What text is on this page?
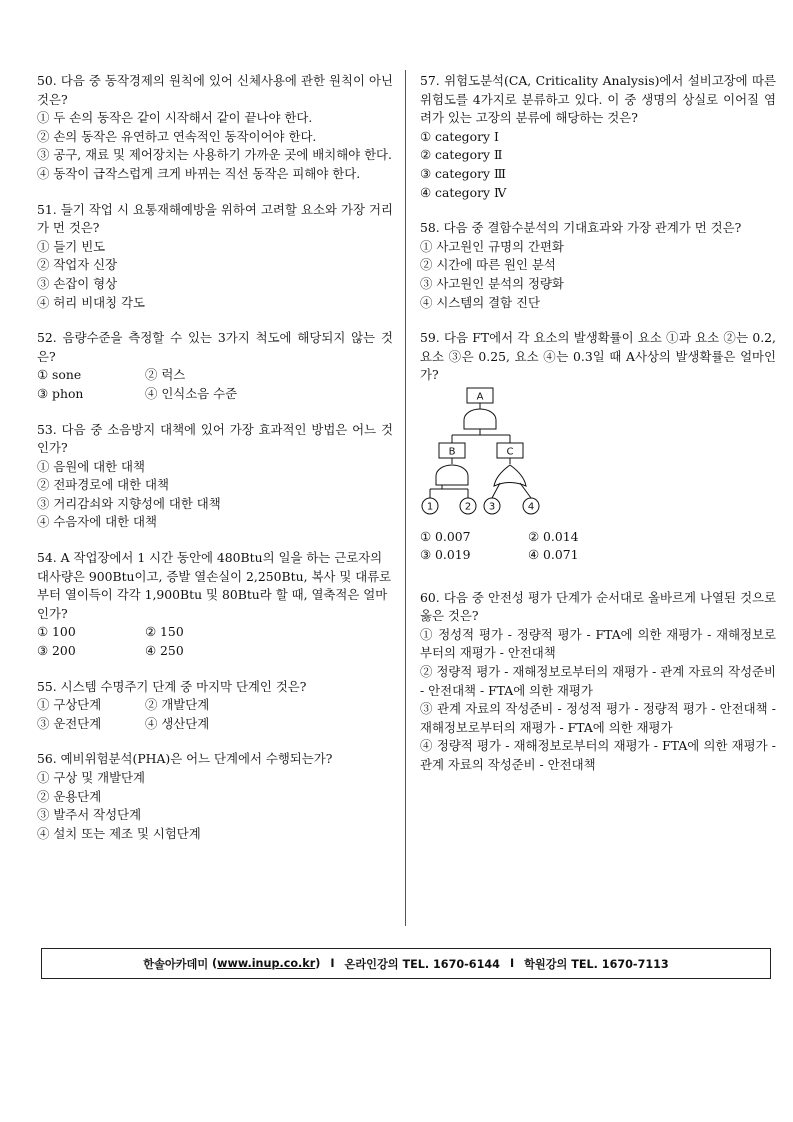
50. 다음 중 동작경제의 원칙에 있어 신체사용에 관한 원칙이 아닌 것은?
① 두 손의 동작은 같이 시작해서 같이 끝나야 한다.
② 손의 동작은 유연하고 연속적인 동작이어야 한다.
③ 공구, 재료 및 제어장치는 사용하기 가까운 곳에 배치해야 한다.
④ 동작이 급작스럽게 크게 바뀌는 직선 동작은 피해야 한다.
51. 들기 작업 시 요통재해예방을 위하여 고려할 요소와 가장 거리가 먼 것은?
① 들기 빈도
② 작업자 신장
③ 손잡이 형상
④ 허리 비대칭 각도
52. 음량수준을 측정할 수 있는 3가지 척도에 해당되지 않는 것은?
① sone	② 럭스
③ phon	④ 인식소음 수준
53. 다음 중 소음방지 대책에 있어 가장 효과적인 방법은 어느 것인가?
① 음원에 대한 대책
② 전파경로에 대한 대책
③ 거리감쇠와 지향성에 대한 대책
④ 수음자에 대한 대책
54. A 작업장에서 1 시간 동안에 480Btu의 일을 하는 근로자의 대사량은 900Btu이고, 증발 열손실이 2,250Btu, 복사 및 대류로부터 열이득이 각각 1,900Btu 및 80Btu라 할 때, 열축적은 얼마인가?
① 100	② 150
③ 200	④ 250
55. 시스템 수명주기 단계 중 마지막 단계인 것은?
① 구상단계	② 개발단계
③ 운전단계	④ 생산단계
56. 예비위험분석(PHA)은 어느 단계에서 수행되는가?
① 구상 및 개발단계
② 운용단계
③ 발주서 작성단계
④ 설치 또는 제조 및 시험단계
57. 위험도분석(CA, Criticality Analysis)에서 설비고장에 따른 위험도를 4가지로 분류하고 있다. 이 중 생명의 상실로 이어질 염려가 있는 고장의 분류에 해당하는 것은?
① category Ⅰ
② category Ⅱ
③ category Ⅲ
④ category Ⅳ
58. 다음 중 결함수분석의 기대효과와 가장 관계가 먼 것은?
① 사고원인 규명의 간편화
② 시간에 따른 원인 분석
③ 사고원인 분석의 정량화
④ 시스템의 결함 진단
59. 다음 FT에서 각 요소의 발생확률이 요소 ①과 요소 ②는 0.2, 요소 ③은 0.25, 요소 ④는 0.3일 때 A사상의 발생확률은 얼마인가?
A
B	C
1	2 3	4
① 0.007	② 0.014
③ 0.019	④ 0.071
60. 다음 중 안전성 평가 단계가 순서대로 올바르게 나열된 것으로 옳은 것은?
① 정성적 평가 - 정량적 평가 - FTA에 의한 재평가 - 재해정보로부터의 재평가 - 안전대책
② 정량적 평가 - 재해정보로부터의 재평가 - 관계 자료의 작성준비 - 안전대책 - FTA에 의한 재평가
③ 관계 자료의 작성준비 - 정성적 평가 - 정량적 평가 - 안전대책 - 재해정보로부터의 재평가 - FTA에 의한 재평가
④ 정량적 평가 - 재해정보로부터의 재평가 - FTA에 의한 재평가 - 관계 자료의 작성준비 - 안전대책
한솔아카데미
( www.inup.co.kr ) I 온라인강의 TEL. 1670-6144 I 학원강의 TEL. 1670-7113
